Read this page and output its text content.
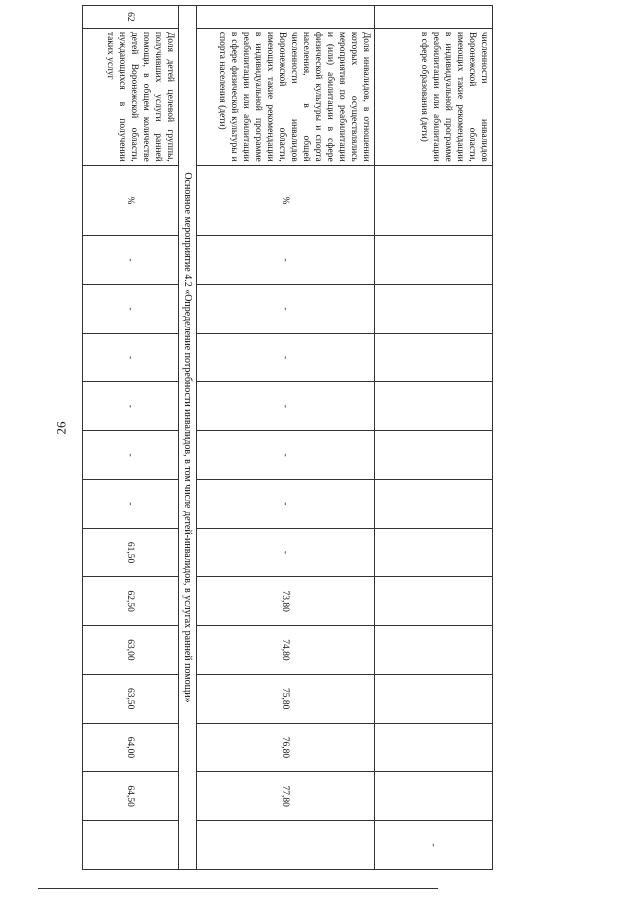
26
	численности инвалидов Воронежской области, имеющих такие рекомендации в индивидуальной программе реабилитации или абилитации в сфере образования (дети)														-
	Доля инвалидов, в отношении которых осуществлялись мероприятия по реабилитации и (или) абилитации в сфере физической культуры и спорта населения, в общей численности инвалидов Воронежской области, имеющих такие рекомендации в индивидуальной программе реабилитации или абилитации в сфере физической культуры и спорта населения (дети)	%	-	-	-	-	-	-	-	73,80	74,80	75,80	76,80	77,80	
Основное мероприятие 4.2 «Определение потребности инвалидов, в том числе детей-инвалидов, в услугах ранней помощи»															
62	Доля детей целевой группы, получивших услуги ранней помощи, в общем количестве детей Воронежской области, нуждающихся в получении таких услуг	%	-	-	-	-	-	-	61,50	62,50	63,00	63,50	64,00	64,50	
